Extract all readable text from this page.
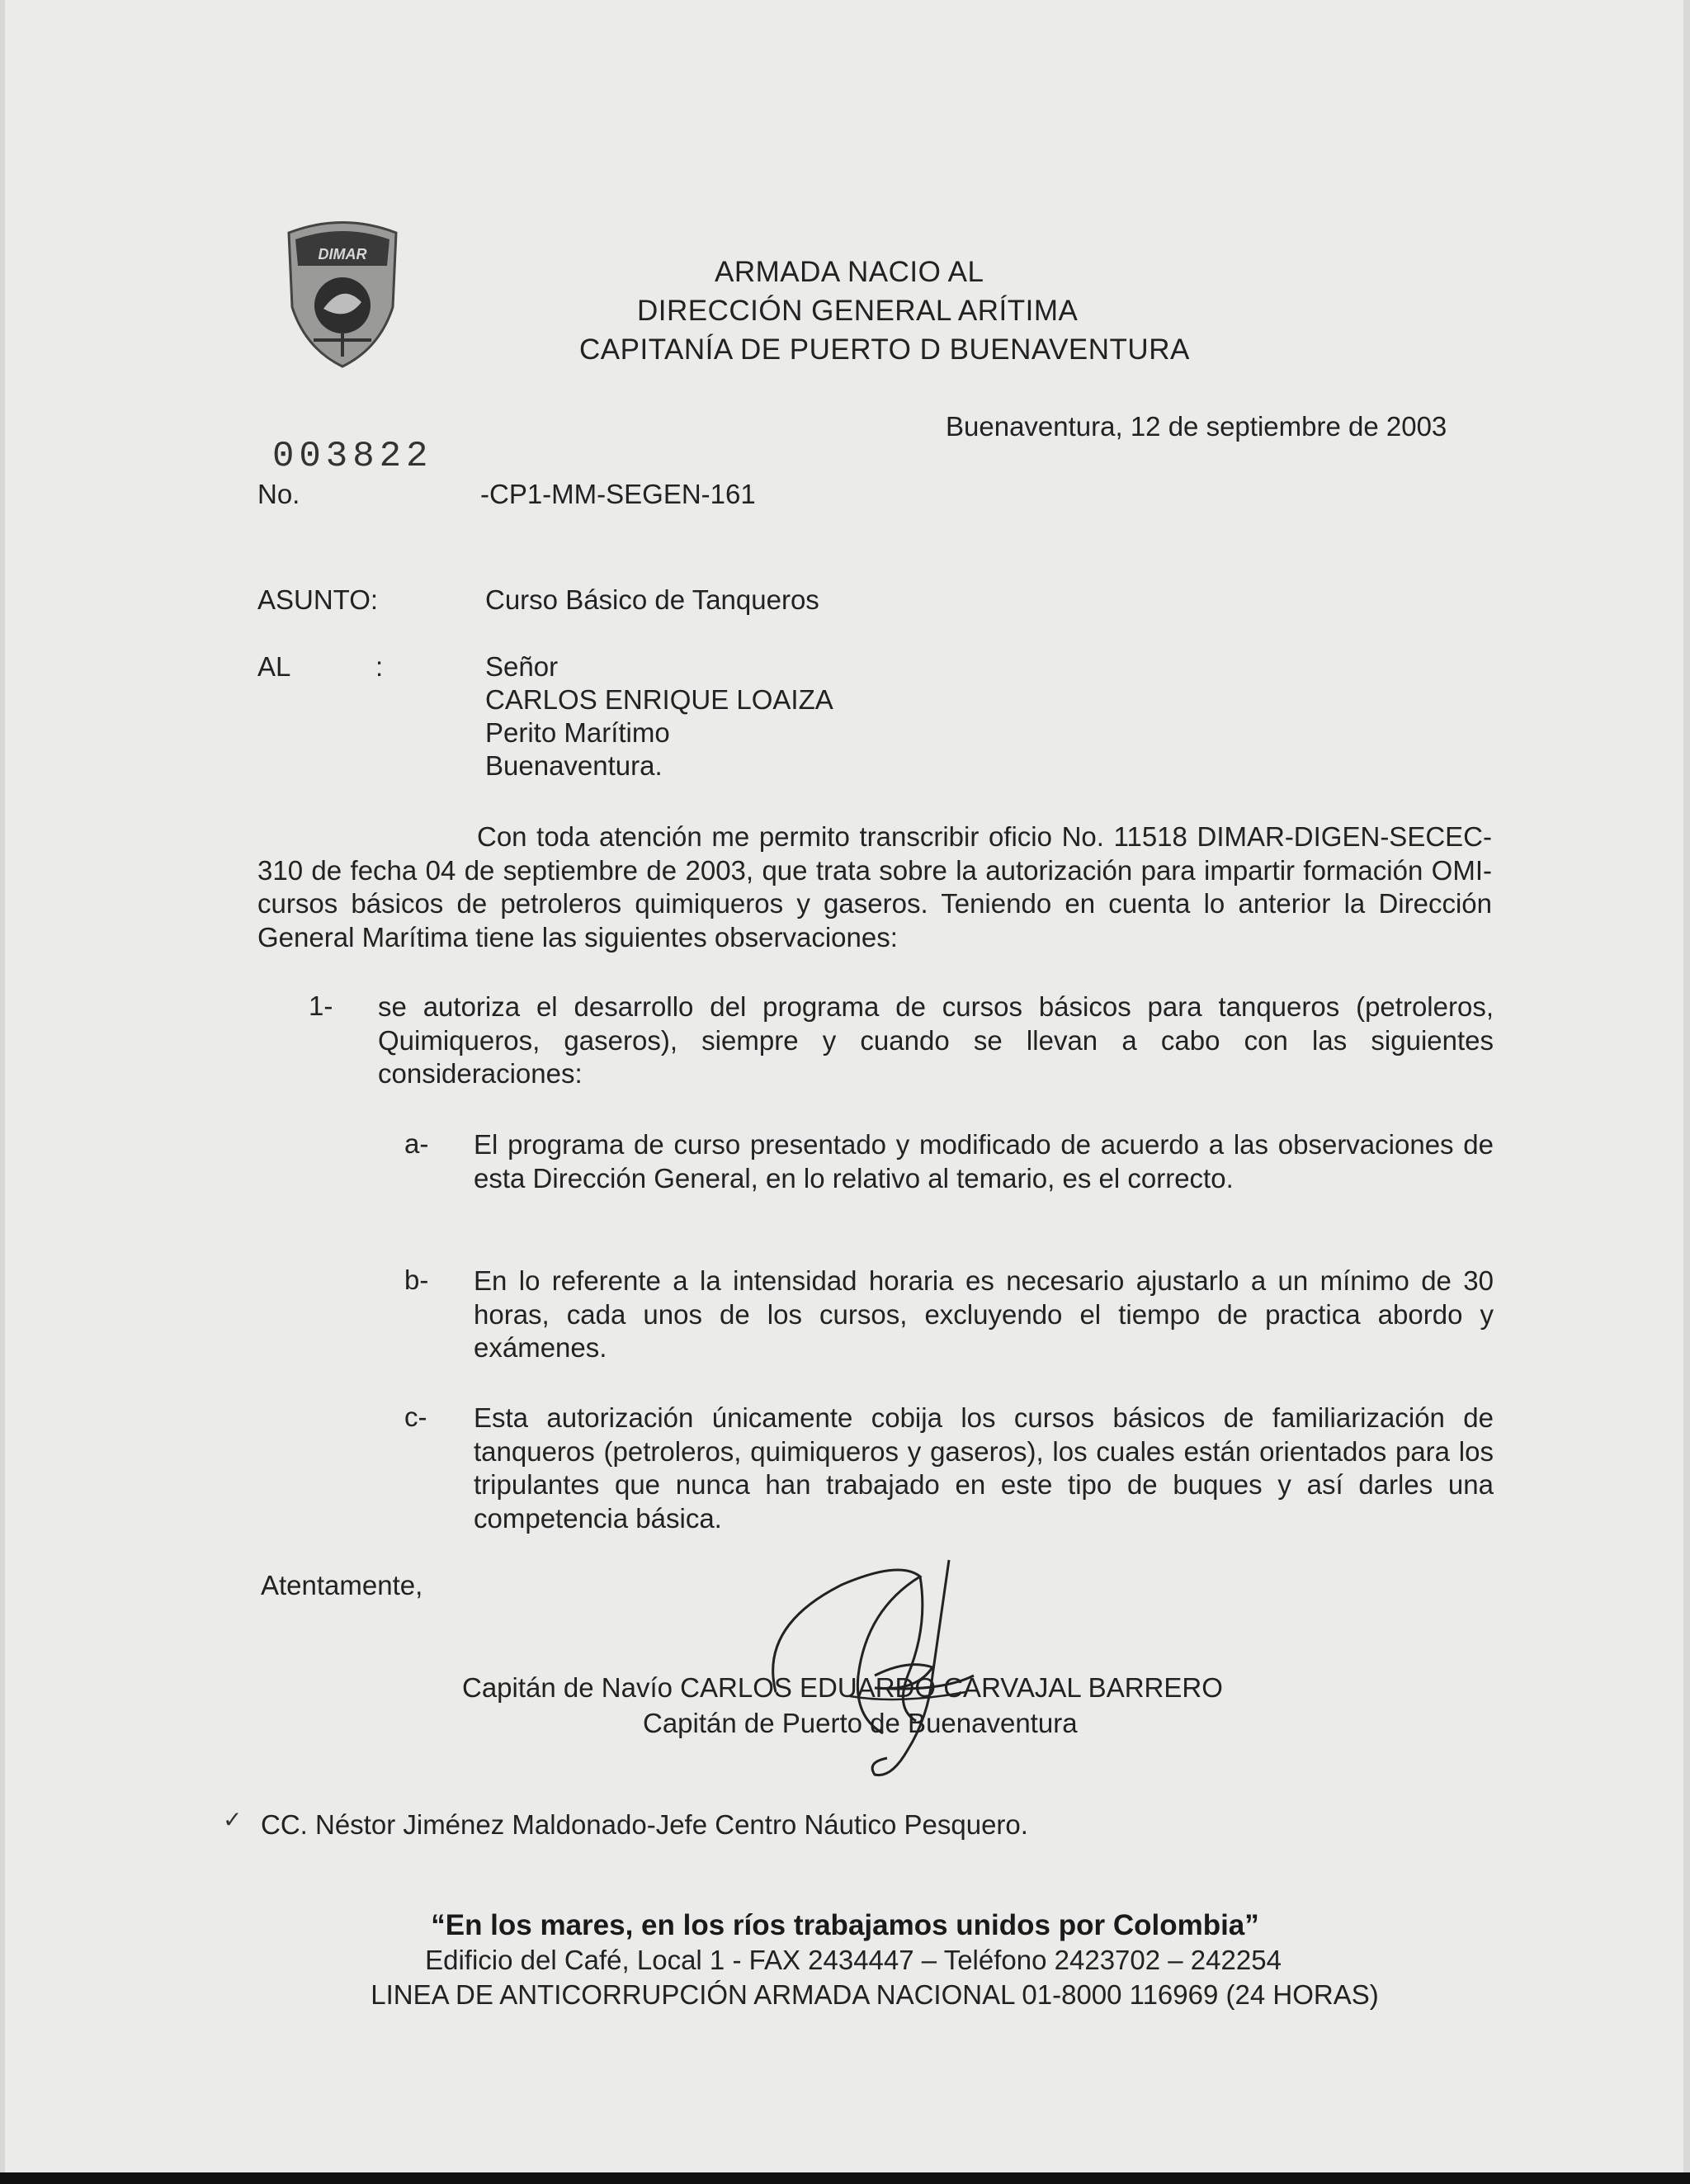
DIMAR
ARMADA NACIO AL
DIRECCIÓN GENERAL ARÍTIMA
CAPITANÍA DE PUERTO D BUENAVENTURA
Buenaventura, 12 de septiembre de 2003
003822
No.	-CP1-MM-SEGEN-161
ASUNTO:	Curso Básico de Tanqueros
AL	:	Señor
CARLOS ENRIQUE LOAIZA
Perito Marítimo
Buenaventura.
Con toda atención me permito transcribir oficio No. 11518 DIMAR-DIGEN-SECEC-310 de fecha 04 de septiembre de 2003, que trata sobre la autorización para impartir formación OMI- cursos básicos de petroleros quimiqueros y gaseros. Teniendo en cuenta lo anterior la Dirección General Marítima tiene las siguientes observaciones:
1- se autoriza el desarrollo del programa de cursos básicos para tanqueros (petroleros, Quimiqueros, gaseros), siempre y cuando se llevan a cabo con las siguientes consideraciones:
a- El programa de curso presentado y modificado de acuerdo a las observaciones de esta Dirección General, en lo relativo al temario, es el correcto.
b- En lo referente a la intensidad horaria es necesario ajustarlo a un mínimo de 30 horas, cada unos de los cursos, excluyendo el tiempo de practica abordo y exámenes.
c- Esta autorización únicamente cobija los cursos básicos de familiarización de tanqueros (petroleros, quimiqueros y gaseros), los cuales están orientados para los tripulantes que nunca han trabajado en este tipo de buques y así darles una competencia básica.
Atentamente,
Capitán de Navío CARLOS EDUARDO CARVAJAL BARRERO
Capitán de Puerto de Buenaventura
✓ CC. Néstor Jiménez Maldonado-Jefe Centro Náutico Pesquero.
“En los mares, en los ríos trabajamos unidos por Colombia”
Edificio del Café, Local 1 - FAX 2434447 – Teléfono 2423702 – 242254
LINEA DE ANTICORRUPCIÓN ARMADA NACIONAL 01-8000 116969 (24 HORAS)
